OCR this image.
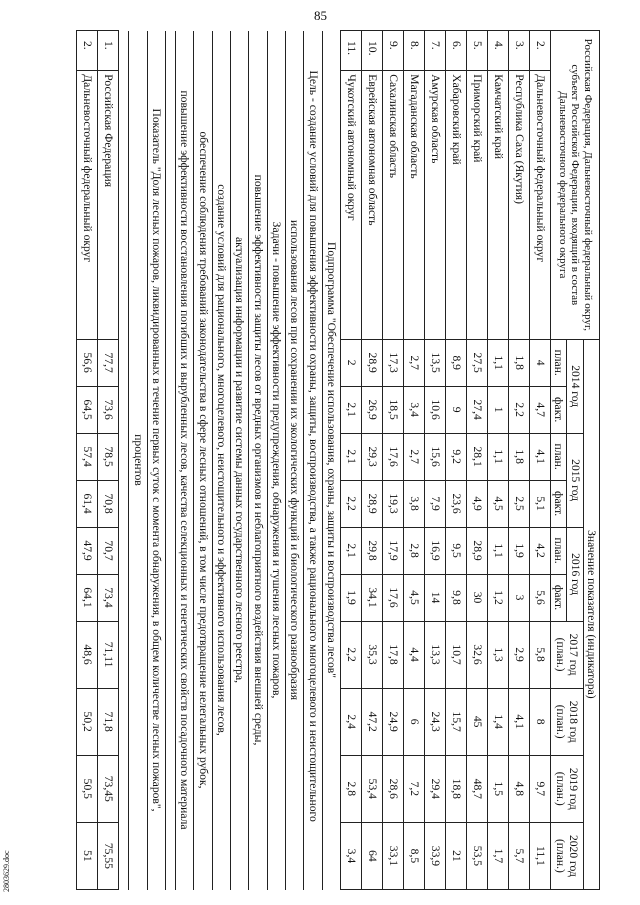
85
2803629.doc
Российская Федерация, Дальневосточный федеральный округ, субъект Российской Федерации, входящий в состав Дальневосточного федерального округа		Значение показателя (индикатора)									
		2014 год		2015 год		2016 год		2017 год (план.)	2018 год (план.)	2019 год (план.)	2020 год (план.)
		план.	факт.	план.	факт.	план.	факт.				
2.	Дальневосточный федеральный округ	4	4,7	4,1	5,1	4,2	5,6	5,8	8	9,7	11,1
3.	Республика Саха (Якутия)	1,8	2,2	1,8	2,5	1,9	3	2,9	4,1	4,8	5,7
4.	Камчатский край	1,1	1	1,1	4,5	1,1	1,2	1,3	1,4	1,5	1,7
5.	Приморский край	27,5	27,4	28,1	4,9	28,9	30	32,6	45	48,7	53,5
6.	Хабаровский край	8,9	9	9,2	23,6	9,5	9,8	10,7	15,7	18,8	21
7.	Амурская область	13,5	10,6	15,6	7,9	16,9	14	13,3	24,3	29,4	33,9
8.	Магаданская область	2,7	3,4	2,7	3,8	2,8	4,5	4,4	6	7,2	8,5
9.	Сахалинская область	17,3	18,5	17,6	19,3	17,9	17,6	17,8	24,9	28,6	33,1
10.	Еврейская автономная область	28,9	26,9	29,3	28,9	29,8	34,1	35,3	47,2	53,4	64
11.	Чукотский автономный округ	2	2,1	2,1	2,2	2,1	1,9	2,2	2,4	2,8	3,4
Подпрограмма "Обеспечение использования, охраны, защиты и воспроизводства лесов"											
Цель - создание условий для повышения эффективности охраны, защиты, воспроизводства, а также рационального многоцелевого и неистощительного											
использования лесов при сохранении их экологических функций и биологического разнообразия											
Задачи - повышение эффективности предупреждения, обнаружения и тушения лесных пожаров,											
повышение эффективности защиты лесов от вредных организмов и неблагоприятного воздействия внешней среды,											
актуализация информации и развитие системы данных государственного лесного реестра,											
создание условий для рационального, многоцелевого, неистощительного и эффективного использования лесов,											
обеспечение соблюдения требований законодательства в сфере лесных отношений, в том числе предотвращение нелегальных рубок,											
повышение эффективности восстановления погибших и вырубленных лесов, качества селекционных и генетических свойств посадочного материала											

Показатель "Доля лесных пожаров, ликвидированных в течение первых суток с момента обнаружения, в общем количестве лесных пожаров",											
процентов											

1.	Российская Федерация	77,7	73,6	78,5	70,8	70,7	73,4	71,11	71,8	73,45	75,55
2.	Дальневосточный федеральный округ	56,6	64,5	57,4	61,4	47,9	64,1	48,6	50,2	50,5	51
